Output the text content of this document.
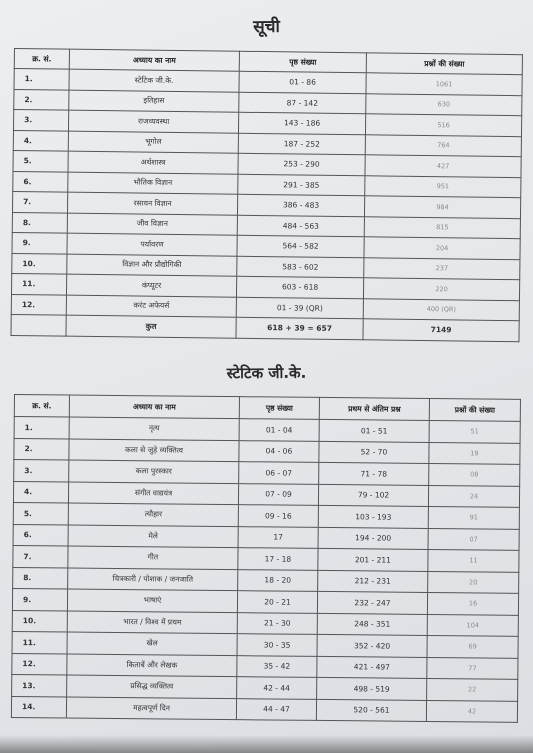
सूची
क्र. सं.	अध्याय का नाम	पृष्ठ संख्या	प्रश्नों की संख्या
1.	स्टेटिक जी.के.	01 - 86	1061
2.	इतिहास	87 - 142	630
3.	राजव्यवस्था	143 - 186	516
4.	भूगोल	187 - 252	764
5.	अर्थशास्त्र	253 - 290	427
6.	भौतिक विज्ञान	291 - 385	951
7.	रसायन विज्ञान	386 - 483	984
8.	जीव विज्ञान	484 - 563	815
9.	पर्यावरण	564 - 582	204
10.	विज्ञान और प्रौद्योगिकी	583 - 602	237
11.	कंप्यूटर	603 - 618	220
12.	करंट अफेयर्स	01 - 39 (QR)	400 (QR)
	कुल	618 + 39 = 657	7149
स्टेटिक जी.के.
क्र. सं.	अध्याय का नाम	पृष्ठ संख्या	प्रथम से अंतिम प्रश्न	प्रश्नों की संख्या
1.	नृत्य	01 - 04	01 - 51	51
2.	कला से जुड़े व्यक्तित्व	04 - 06	52 - 70	19
3.	कला पुरस्कार	06 - 07	71 - 78	08
4.	संगीत वाद्ययंत्र	07 - 09	79 - 102	24
5.	त्यौहार	09 - 16	103 - 193	91
6.	मेले	17	194 - 200	07
7.	गीत	17 - 18	201 - 211	11
8.	चित्रकारी / पोशाक / जनजाति	18 - 20	212 - 231	20
9.	भाषाएं	20 - 21	232 - 247	16
10.	भारत / विश्व में प्रथम	21 - 30	248 - 351	104
11.	खेल	30 - 35	352 - 420	69
12.	किताबें और लेखक	35 - 42	421 - 497	77
13.	प्रसिद्ध व्यक्तित्व	42 - 44	498 - 519	22
14.	महत्वपूर्ण दिन	44 - 47	520 - 561	42
